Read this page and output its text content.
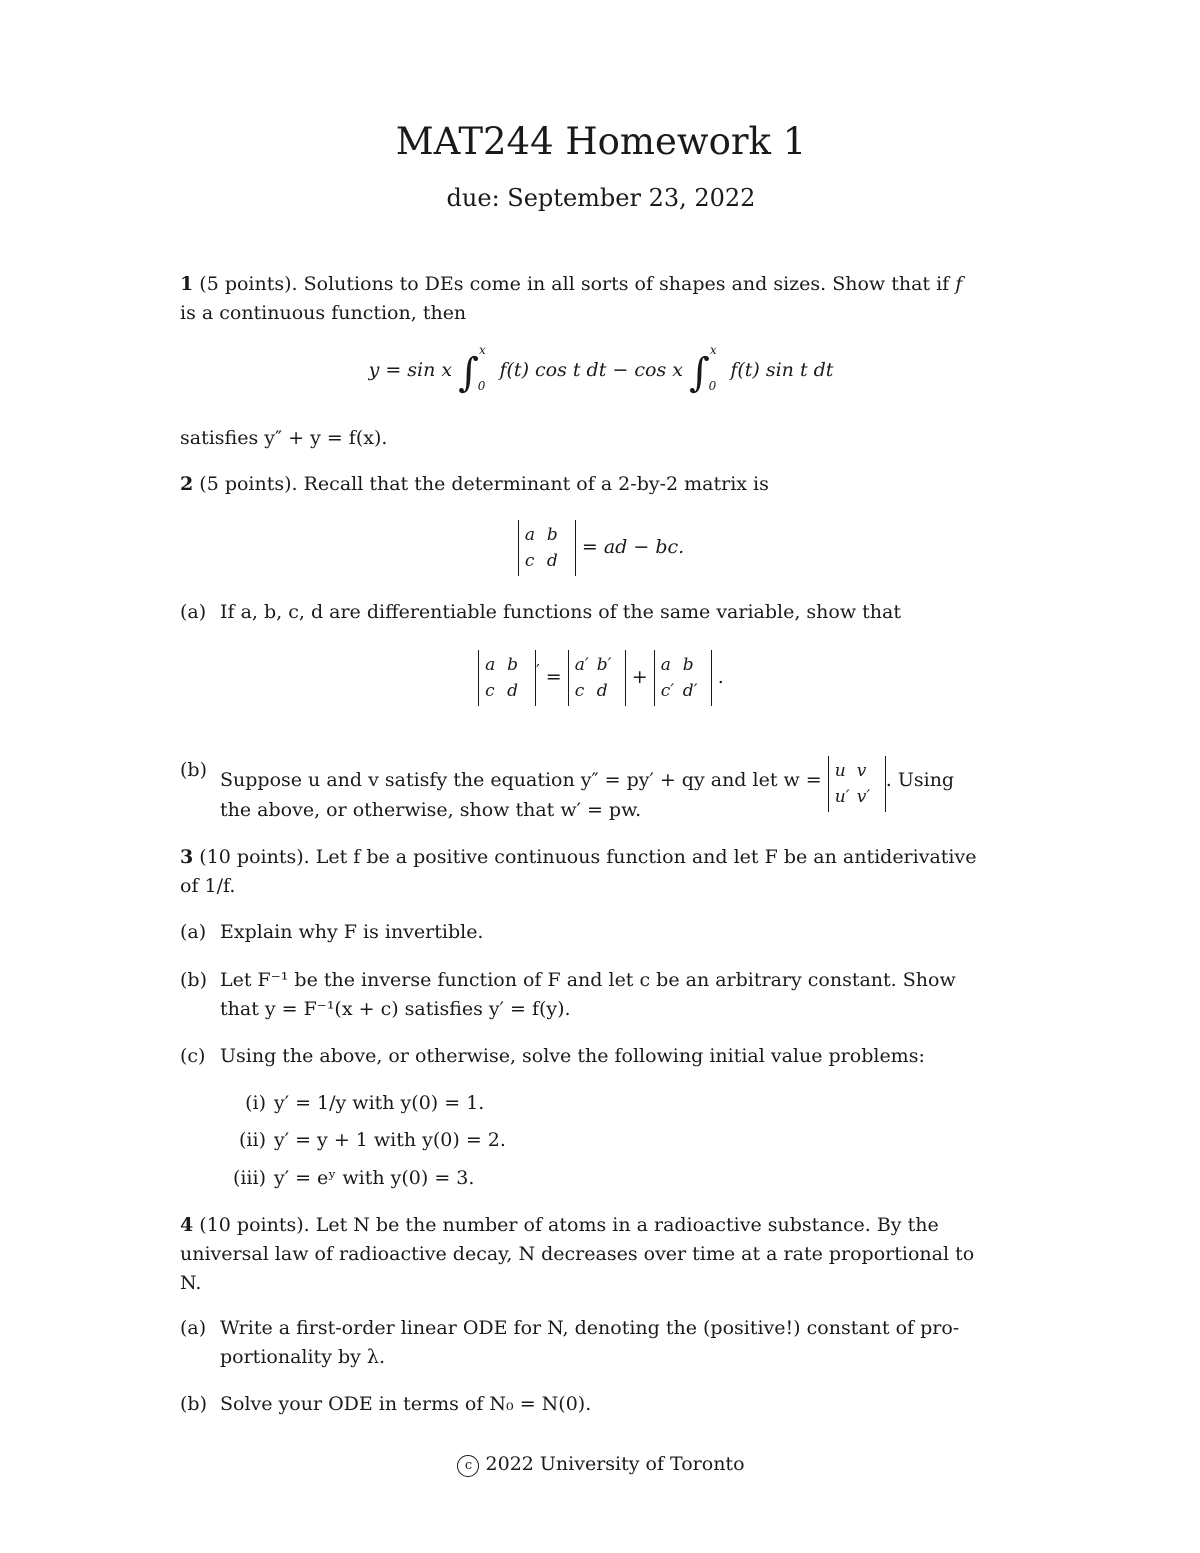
MAT244 Homework 1
due: September 23, 2022
1 (5 points). Solutions to DEs come in all sorts of shapes and sizes. Show that if f
is a continuous function, then
y = sin x ∫$^x_0$ f(t) cos t dt − cos x ∫$^x_0$ f(t) sin t dt
satisfies y″ + y = f(x).
2 (5 points). Recall that the determinant of a 2-by-2 matrix is
a b
c d = ad − bc.
(a) If a, b, c, d are differentiable functions of the same variable, show that
a b
c d′ = a′ b′
c d + a b
c′ d′ .
(b) Suppose u and v satisfy the equation y″ = py′ + qy and let w = u v
u′ v′. Using
the above, or otherwise, show that w′ = pw.
3 (10 points). Let f be a positive continuous function and let F be an antiderivative
of 1/f.
(a) Explain why F is invertible.
(b) Let F⁻¹ be the inverse function of F and let c be an arbitrary constant. Show
that y = F⁻¹(x + c) satisfies y′ = f(y).
(c) Using the above, or otherwise, solve the following initial value problems:
(i) y′ = 1/y with y(0) = 1.
(ii) y′ = y + 1 with y(0) = 2.
(iii) y′ = eʸ with y(0) = 3.
4 (10 points). Let N be the number of atoms in a radioactive substance. By the
universal law of radioactive decay, N decreases over time at a rate proportional to
N.
(a) Write a first-order linear ODE for N, denoting the (positive!) constant of pro-
portionality by λ.
(b) Solve your ODE in terms of N₀ = N(0).
c 2022 University of Toronto
